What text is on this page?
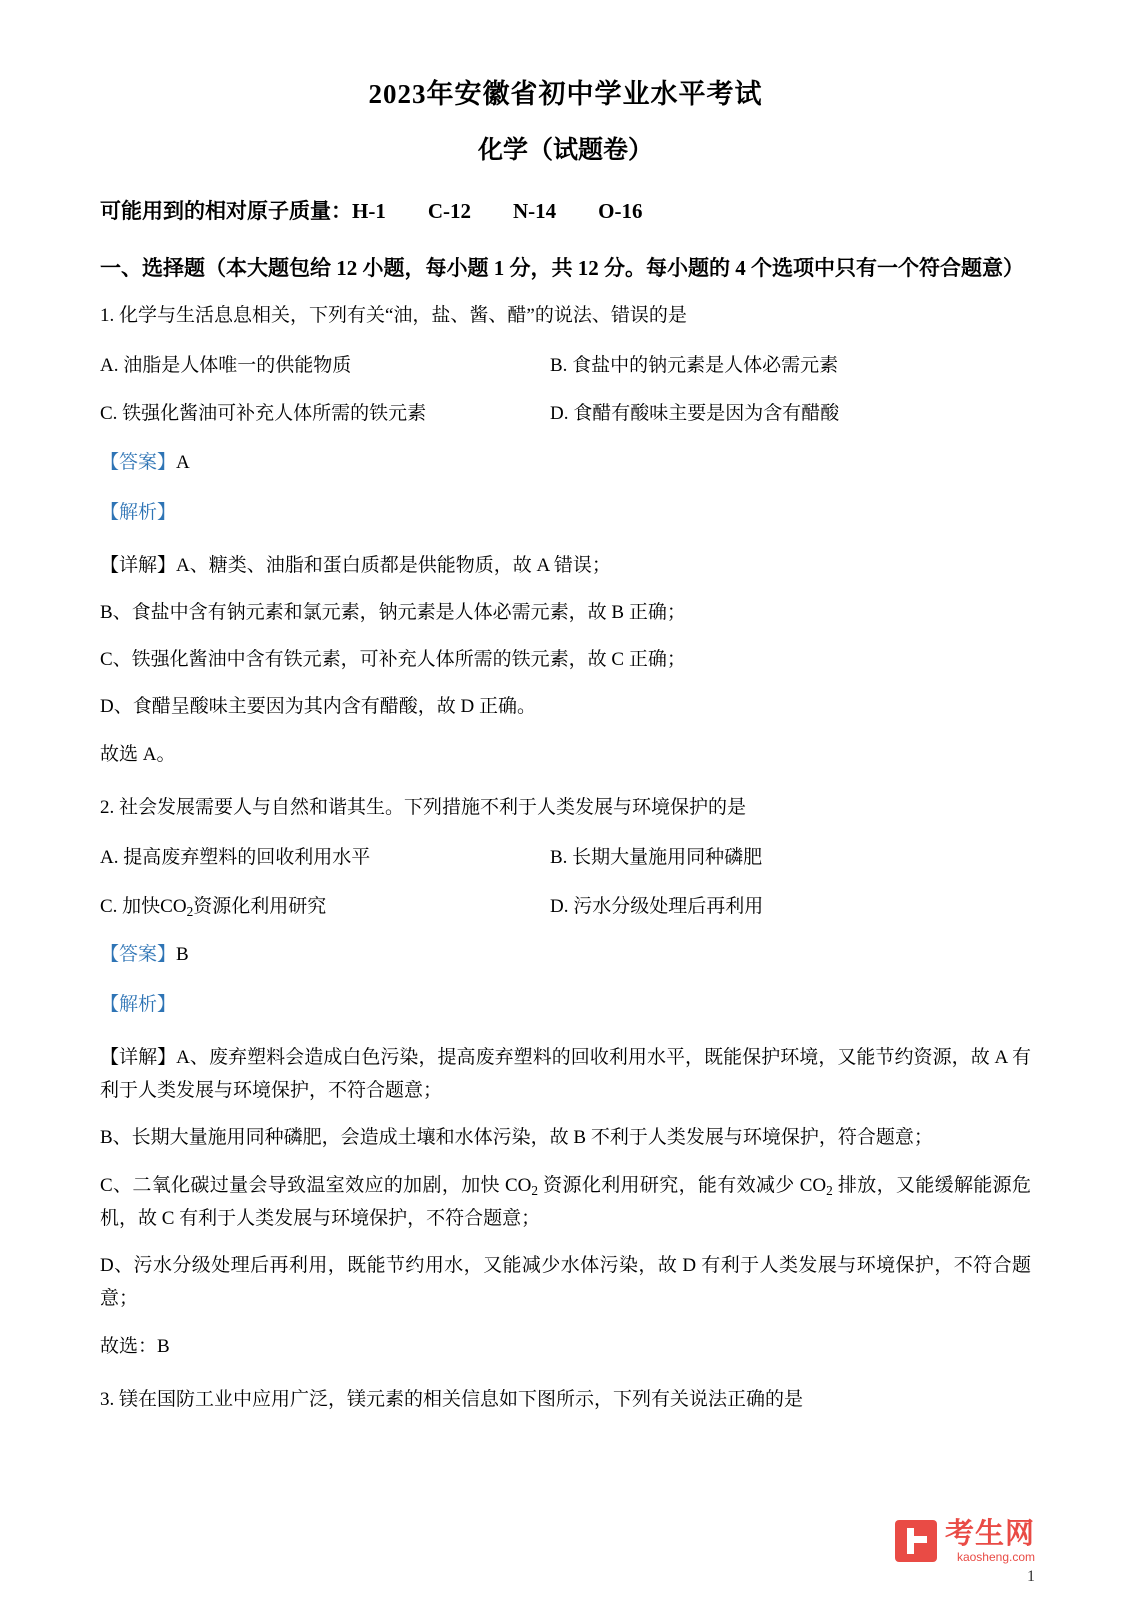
2023年安徽省初中学业水平考试
化学（试题卷）
可能用到的相对原子质量：H-1        C-12        N-14        O-16
一、选择题（本大题包给 12 小题，每小题 1 分，共 12 分。每小题的 4 个选项中只有一个符合题意）
1. 化学与生活息息相关，下列有关“油，盐、酱、醋”的说法、错误的是
A. 油脂是人体唯一的供能物质	B. 食盐中的钠元素是人体必需元素
C. 铁强化酱油可补充人体所需的铁元素	D. 食醋有酸味主要是因为含有醋酸
【答案】A
【解析】
【详解】A、糖类、油脂和蛋白质都是供能物质，故 A 错误；
B、食盐中含有钠元素和氯元素，钠元素是人体必需元素，故 B 正确；
C、铁强化酱油中含有铁元素，可补充人体所需的铁元素，故 C 正确；
D、食醋呈酸味主要因为其内含有醋酸，故 D 正确。
故选 A。
2. 社会发展需要人与自然和谐其生。下列措施不利于人类发展与环境保护的是
A. 提高废弃塑料的回收利用水平	B. 长期大量施用同种磷肥
C. 加快$CO_2$资源化利用研究	D. 污水分级处理后再利用
【答案】B
【解析】
【详解】A、废弃塑料会造成白色污染，提高废弃塑料的回收利用水平，既能保护环境，又能节约资源，故 A 有利于人类发展与环境保护，不符合题意；
B、长期大量施用同种磷肥，会造成土壤和水体污染，故 B 不利于人类发展与环境保护，符合题意；
C、二氧化碳过量会导致温室效应的加剧，加快 $CO_2$ 资源化利用研究，能有效减少 $CO_2$ 排放，又能缓解能源危机，故 C 有利于人类发展与环境保护，不符合题意；
D、污水分级处理后再利用，既能节约用水，又能减少水体污染，故 D 有利于人类发展与环境保护，不符合题意；
故选：B
3. 镁在国防工业中应用广泛，镁元素的相关信息如下图所示，下列有关说法正确的是
考生网
kaosheng.com
1
